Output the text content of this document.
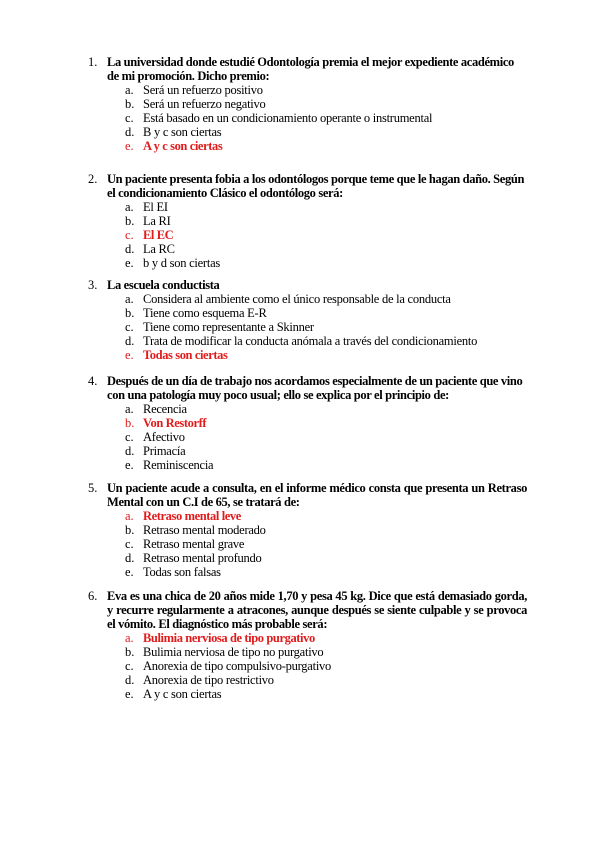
1. La universidad donde estudié Odontología premia el mejor expediente académico de mi promoción. Dicho premio:
a. Será un refuerzo positivo
b. Será un refuerzo negativo
c. Está basado en un condicionamiento operante o instrumental
d. B y c son ciertas
e. A y c son ciertas
2. Un paciente presenta fobia a los odontólogos porque teme que le hagan daño. Según el condicionamiento Clásico el odontólogo será:
a. El EI
b. La RI
c. El EC
d. La RC
e. b y d son ciertas
3. La escuela conductista
a. Considera al ambiente como el único responsable de la conducta
b. Tiene como esquema E-R
c. Tiene como representante a Skinner
d. Trata de modificar la conducta anómala a través del condicionamiento
e. Todas son ciertas
4. Después de un día de trabajo nos acordamos especialmente de un paciente que vino con una patología muy poco usual; ello se explica por el principio de:
a. Recencia
b. Von Restorff
c. Afectivo
d. Primacía
e. Reminiscencia
5. Un paciente acude a consulta, en el informe médico consta que presenta un Retraso Mental con un C.I de 65, se tratará de:
a. Retraso mental leve
b. Retraso mental moderado
c. Retraso mental grave
d. Retraso mental profundo
e. Todas son falsas
6. Eva es una chica de 20 años mide 1,70 y pesa 45 kg. Dice que está demasiado gorda, y recurre regularmente a atracones, aunque después se siente culpable y se provoca el vómito. El diagnóstico más probable será:
a. Bulimia nerviosa de tipo purgativo
b. Bulimia nerviosa de tipo no purgativo
c. Anorexia de tipo compulsivo-purgativo
d. Anorexia de tipo restrictivo
e. A y c son ciertas
